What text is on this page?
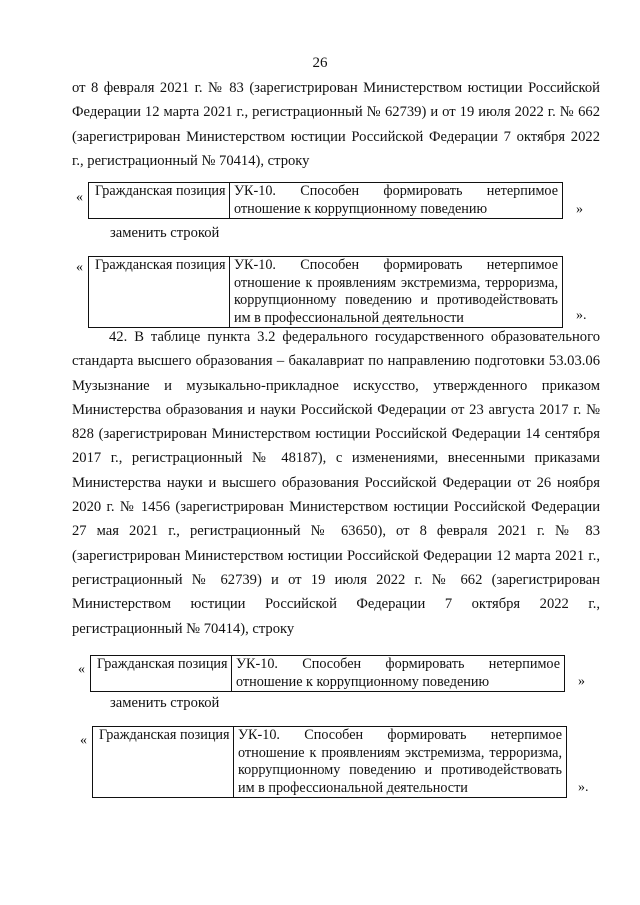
26

от 8 февраля 2021 г. № 83 (зарегистрирован Министерством юстиции Российской Федерации 12 марта 2021 г., регистрационный № 62739) и от 19 июля 2022 г. № 662 (зарегистрирован Министерством юстиции Российской Федерации 7 октября 2022 г., регистрационный № 70414), строку

« Гражданская позиция УК-10. Способен формировать нетерпимое
отношение к коррупционному поведению	»
заменить строкой
« Гражданская позиция УК-10. Способен формировать нетерпимое
отношение к проявлениям экстремизма, терроризма, коррупционному поведению и противодействовать им в профессиональной деятельности	».

42. В таблице пункта 3.2 федерального государственного образовательного стандарта высшего образования – бакалавриат по направлению подготовки 53.03.06 Музызнание и музыкально-прикладное искусство, утвержденного приказом Министерства образования и науки Российской Федерации от 23 августа 2017 г. № 828 (зарегистрирован Министерством юстиции Российской Федерации 14 сентября 2017 г., регистрационный № 48187), с изменениями, внесенными приказами Министерства науки и высшего образования Российской Федерации от 26 ноября 2020 г. № 1456 (зарегистрирован Министерством юстиции Российской Федерации 27 мая 2021 г., регистрационный № 63650), от 8 февраля 2021 г. № 83 (зарегистрирован Министерством юстиции Российской Федерации 12 марта 2021 г., регистрационный № 62739) и от 19 июля 2022 г. № 662 (зарегистрирован Министерством юстиции Российской Федерации 7 октября 2022 г., регистрационный № 70414), строку

« Гражданская позиция УК-10. Способен формировать нетерпимое
отношение к коррупционному поведению	»
заменить строкой
« Гражданская позиция УК-10. Способен формировать нетерпимое
отношение к проявлениям экстремизма, терроризма, коррупционному поведению и противодействовать им в профессиональной деятельности	».
